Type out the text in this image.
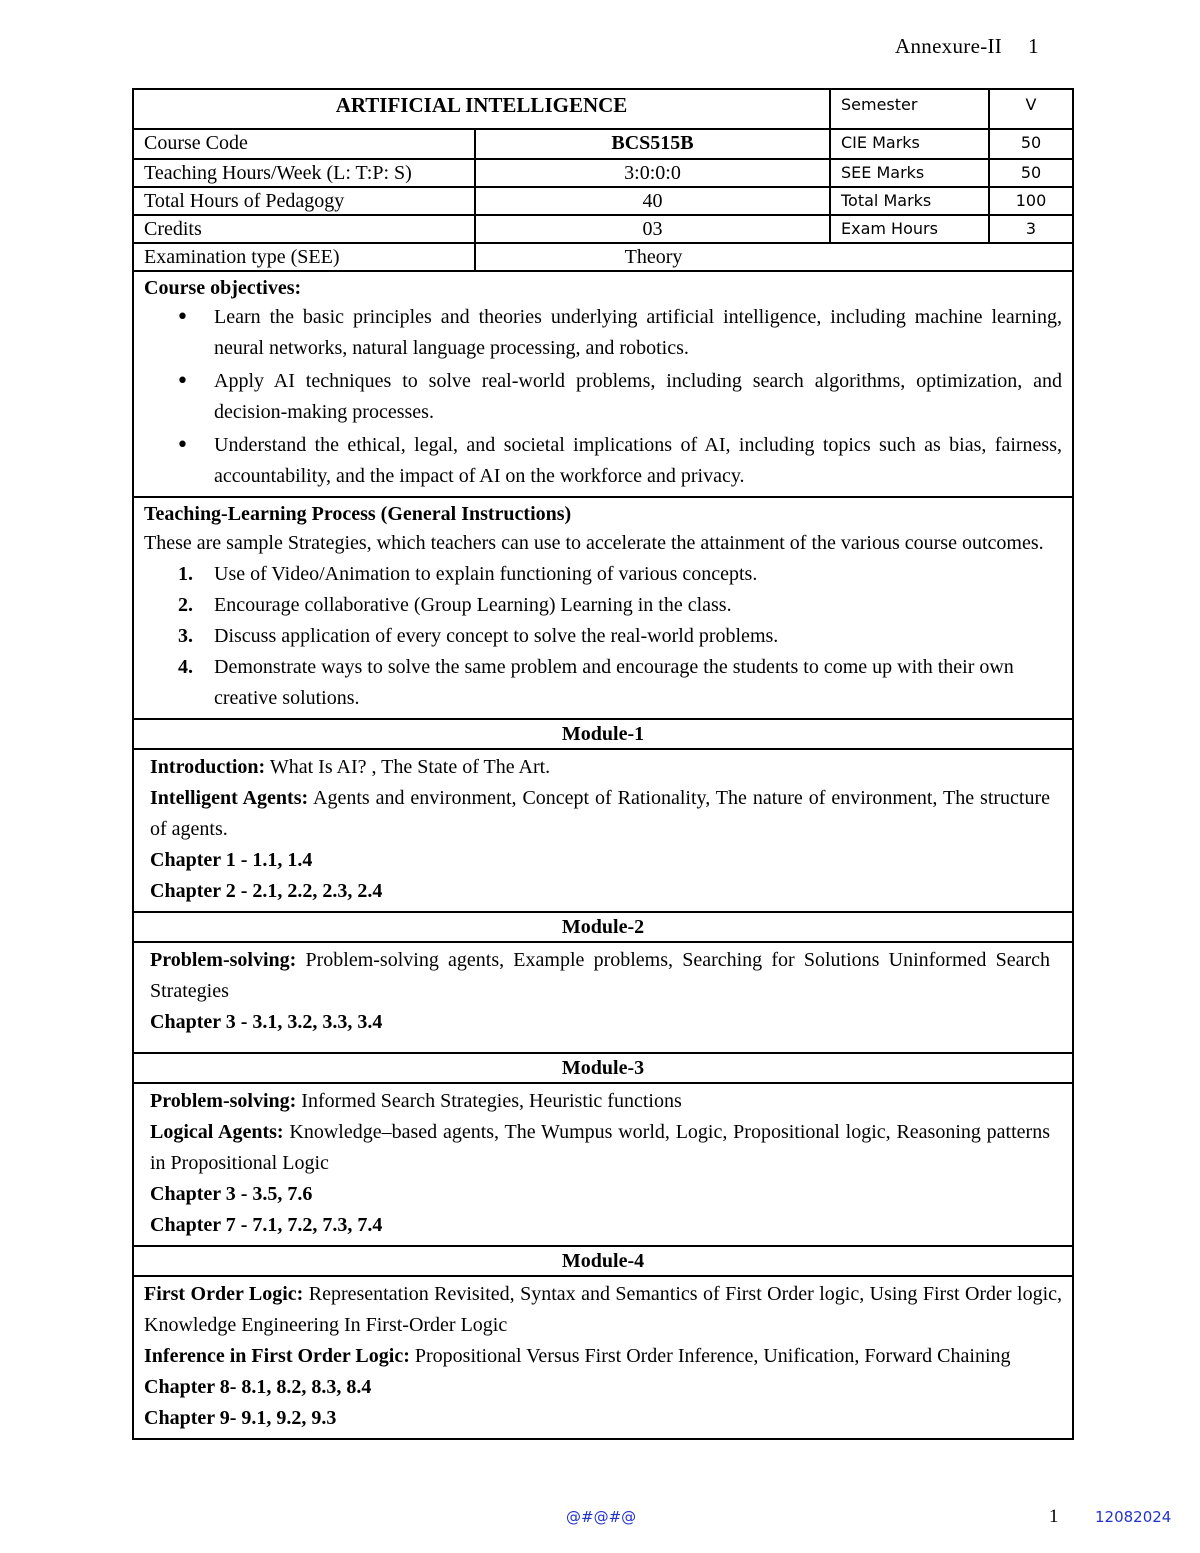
Annexure-II 1
ARTIFICIAL INTELLIGENCE	Semester	V
Course Code	BCS515B	CIE Marks	50
Teaching Hours/Week (L: T:P: S)	3:0:0:0	SEE Marks	50
Total Hours of Pedagogy	40	Total Marks	100
Credits	03	Exam Hours	3
Examination type (SEE)	Theory

Course objectives:

• Learn the basic principles and theories underlying artificial intelligence, including machine learning, neural networks, natural language processing, and robotics.
• Apply AI techniques to solve real-world problems, including search algorithms, optimization, and decision-making processes.
• Understand the ethical, legal, and societal implications of AI, including topics such as bias, fairness, accountability, and the impact of AI on the workforce and privacy.

Teaching-Learning Process (General Instructions)

These are sample Strategies, which teachers can use to accelerate the attainment of the various course outcomes.

1. Use of Video/Animation to explain functioning of various concepts.
2. Encourage collaborative (Group Learning) Learning in the class.
3. Discuss application of every concept to solve the real-world problems.
4. Demonstrate ways to solve the same problem and encourage the students to come up with their own creative solutions.
Module-1

Introduction: What Is AI? , The State of The Art.

Intelligent Agents: Agents and environment, Concept of Rationality, The nature of environment, The structure of agents.

Chapter 1 - 1.1, 1.4

Chapter 2 - 2.1, 2.2, 2.3, 2.4

Module-2

Problem-solving: Problem-solving agents, Example problems, Searching for Solutions Uninformed Search Strategies

Chapter 3 - 3.1, 3.2, 3.3, 3.4

Module-3

Problem-solving: Informed Search Strategies, Heuristic functions

Logical Agents: Knowledge–based agents, The Wumpus world, Logic, Propositional logic, Reasoning patterns in Propositional Logic

Chapter 3 - 3.5, 7.6

Chapter 7 - 7.1, 7.2, 7.3, 7.4

Module-4

First Order Logic: Representation Revisited, Syntax and Semantics of First Order logic, Using First Order logic, Knowledge Engineering In First-Order Logic

Inference in First Order Logic: Propositional Versus First Order Inference, Unification, Forward Chaining

Chapter 8- 8.1, 8.2, 8.3, 8.4

Chapter 9- 9.1, 9.2, 9.3

@#@#@	1 12082024
